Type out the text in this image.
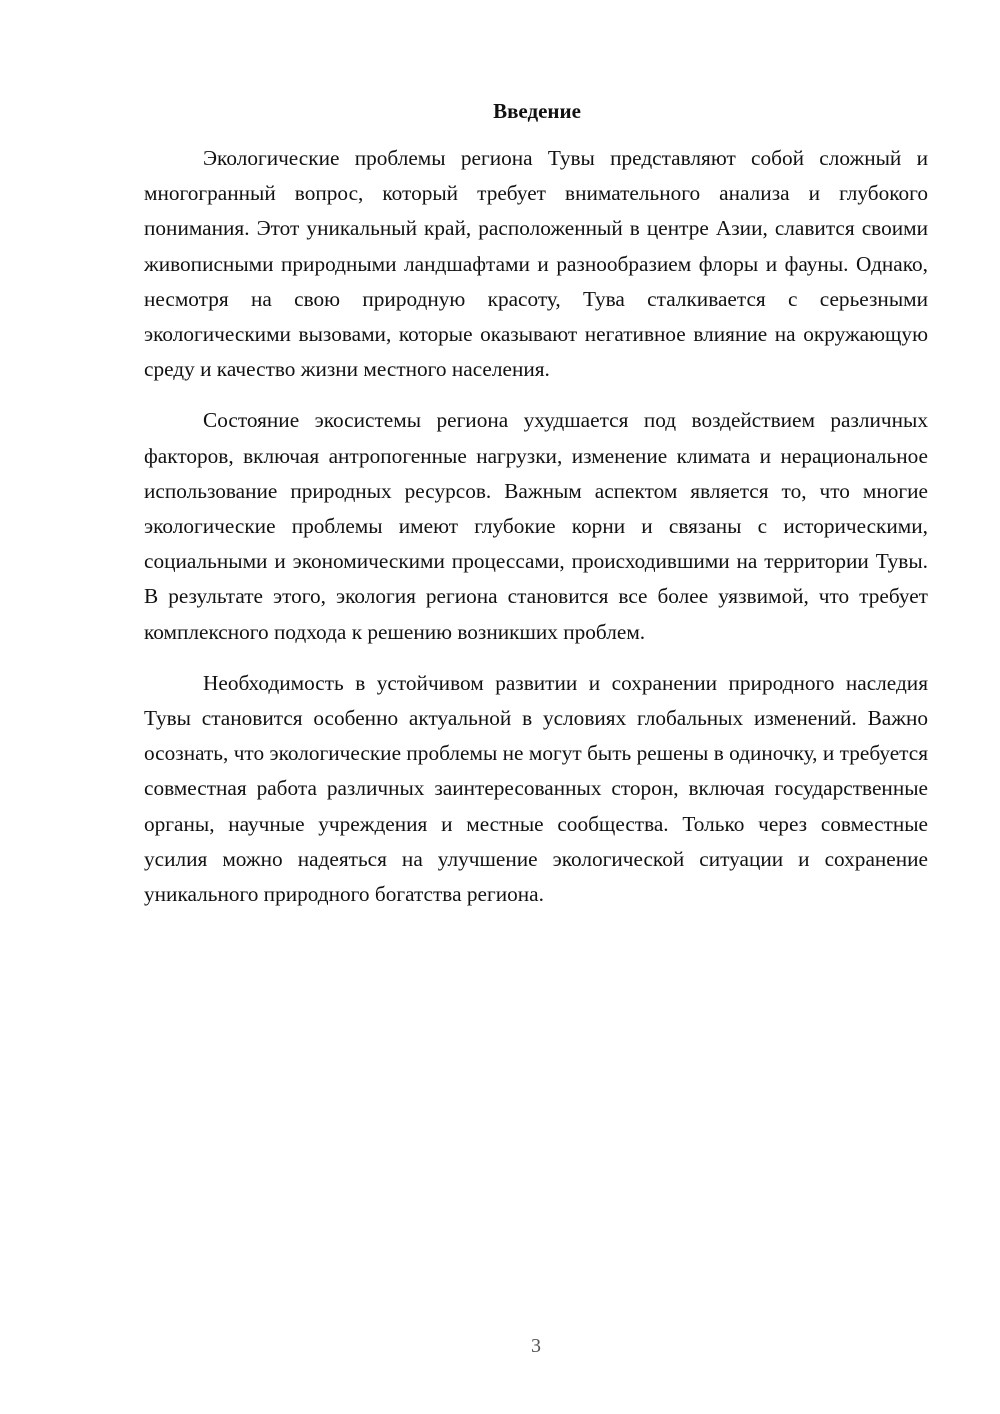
Введение

Экологические проблемы региона Тувы представляют собой сложный и многогранный вопрос, который требует внимательного анализа и глубокого понимания. Этот уникальный край, расположенный в центре Азии, славится своими живописными природными ландшафтами и разнообразием флоры и фауны. Однако, несмотря на свою природную красоту, Тува сталкивается с серьезными экологическими вызовами, которые оказывают негативное влияние на окружающую среду и качество жизни местного населения.

Состояние экосистемы региона ухудшается под воздействием различных факторов, включая антропогенные нагрузки, изменение климата и нерациональное использование природных ресурсов. Важным аспектом является то, что многие экологические проблемы имеют глубокие корни и связаны с историческими, социальными и экономическими процессами, происходившими на территории Тувы. В результате этого, экология региона становится все более уязвимой, что требует комплексного подхода к решению возникших проблем.

Необходимость в устойчивом развитии и сохранении природного наследия Тувы становится особенно актуальной в условиях глобальных изменений. Важно осознать, что экологические проблемы не могут быть решены в одиночку, и требуется совместная работа различных заинтересованных сторон, включая государственные органы, научные учреждения и местные сообщества. Только через совместные усилия можно надеяться на улучшение экологической ситуации и сохранение уникального природного богатства региона.

3
